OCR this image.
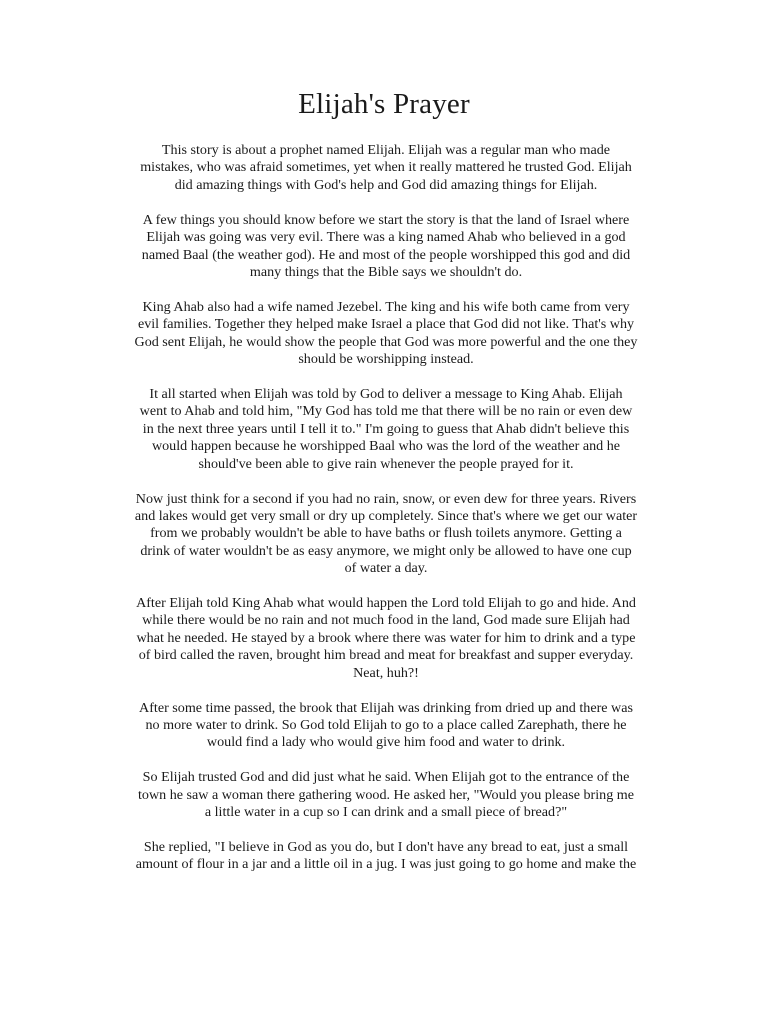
Elijah's Prayer

This story is about a prophet named Elijah. Elijah was a regular man who made
mistakes, who was afraid sometimes, yet when it really mattered he trusted God. Elijah
did amazing things with God's help and God did amazing things for Elijah.

A few things you should know before we start the story is that the land of Israel where
Elijah was going was very evil. There was a king named Ahab who believed in a god
named Baal (the weather god). He and most of the people worshipped this god and did
many things that the Bible says we shouldn't do.

King Ahab also had a wife named Jezebel. The king and his wife both came from very
evil families. Together they helped make Israel a place that God did not like. That's why
God sent Elijah, he would show the people that God was more powerful and the one they
should be worshipping instead.

It all started when Elijah was told by God to deliver a message to King Ahab. Elijah
went to Ahab and told him, "My God has told me that there will be no rain or even dew
in the next three years until I tell it to." I'm going to guess that Ahab didn't believe this
would happen because he worshipped Baal who was the lord of the weather and he
should've been able to give rain whenever the people prayed for it.

Now just think for a second if you had no rain, snow, or even dew for three years. Rivers
and lakes would get very small or dry up completely. Since that's where we get our water
from we probably wouldn't be able to have baths or flush toilets anymore. Getting a
drink of water wouldn't be as easy anymore, we might only be allowed to have one cup
of water a day.

After Elijah told King Ahab what would happen the Lord told Elijah to go and hide. And
while there would be no rain and not much food in the land, God made sure Elijah had
what he needed. He stayed by a brook where there was water for him to drink and a type
of bird called the raven, brought him bread and meat for breakfast and supper everyday.
Neat, huh?!

After some time passed, the brook that Elijah was drinking from dried up and there was
no more water to drink. So God told Elijah to go to a place called Zarephath, there he
would find a lady who would give him food and water to drink.

So Elijah trusted God and did just what he said. When Elijah got to the entrance of the
town he saw a woman there gathering wood. He asked her, "Would you please bring me
a little water in a cup so I can drink and a small piece of bread?"

She replied, "I believe in God as you do, but I don't have any bread to eat, just a small
amount of flour in a jar and a little oil in a jug. I was just going to go home and make the
